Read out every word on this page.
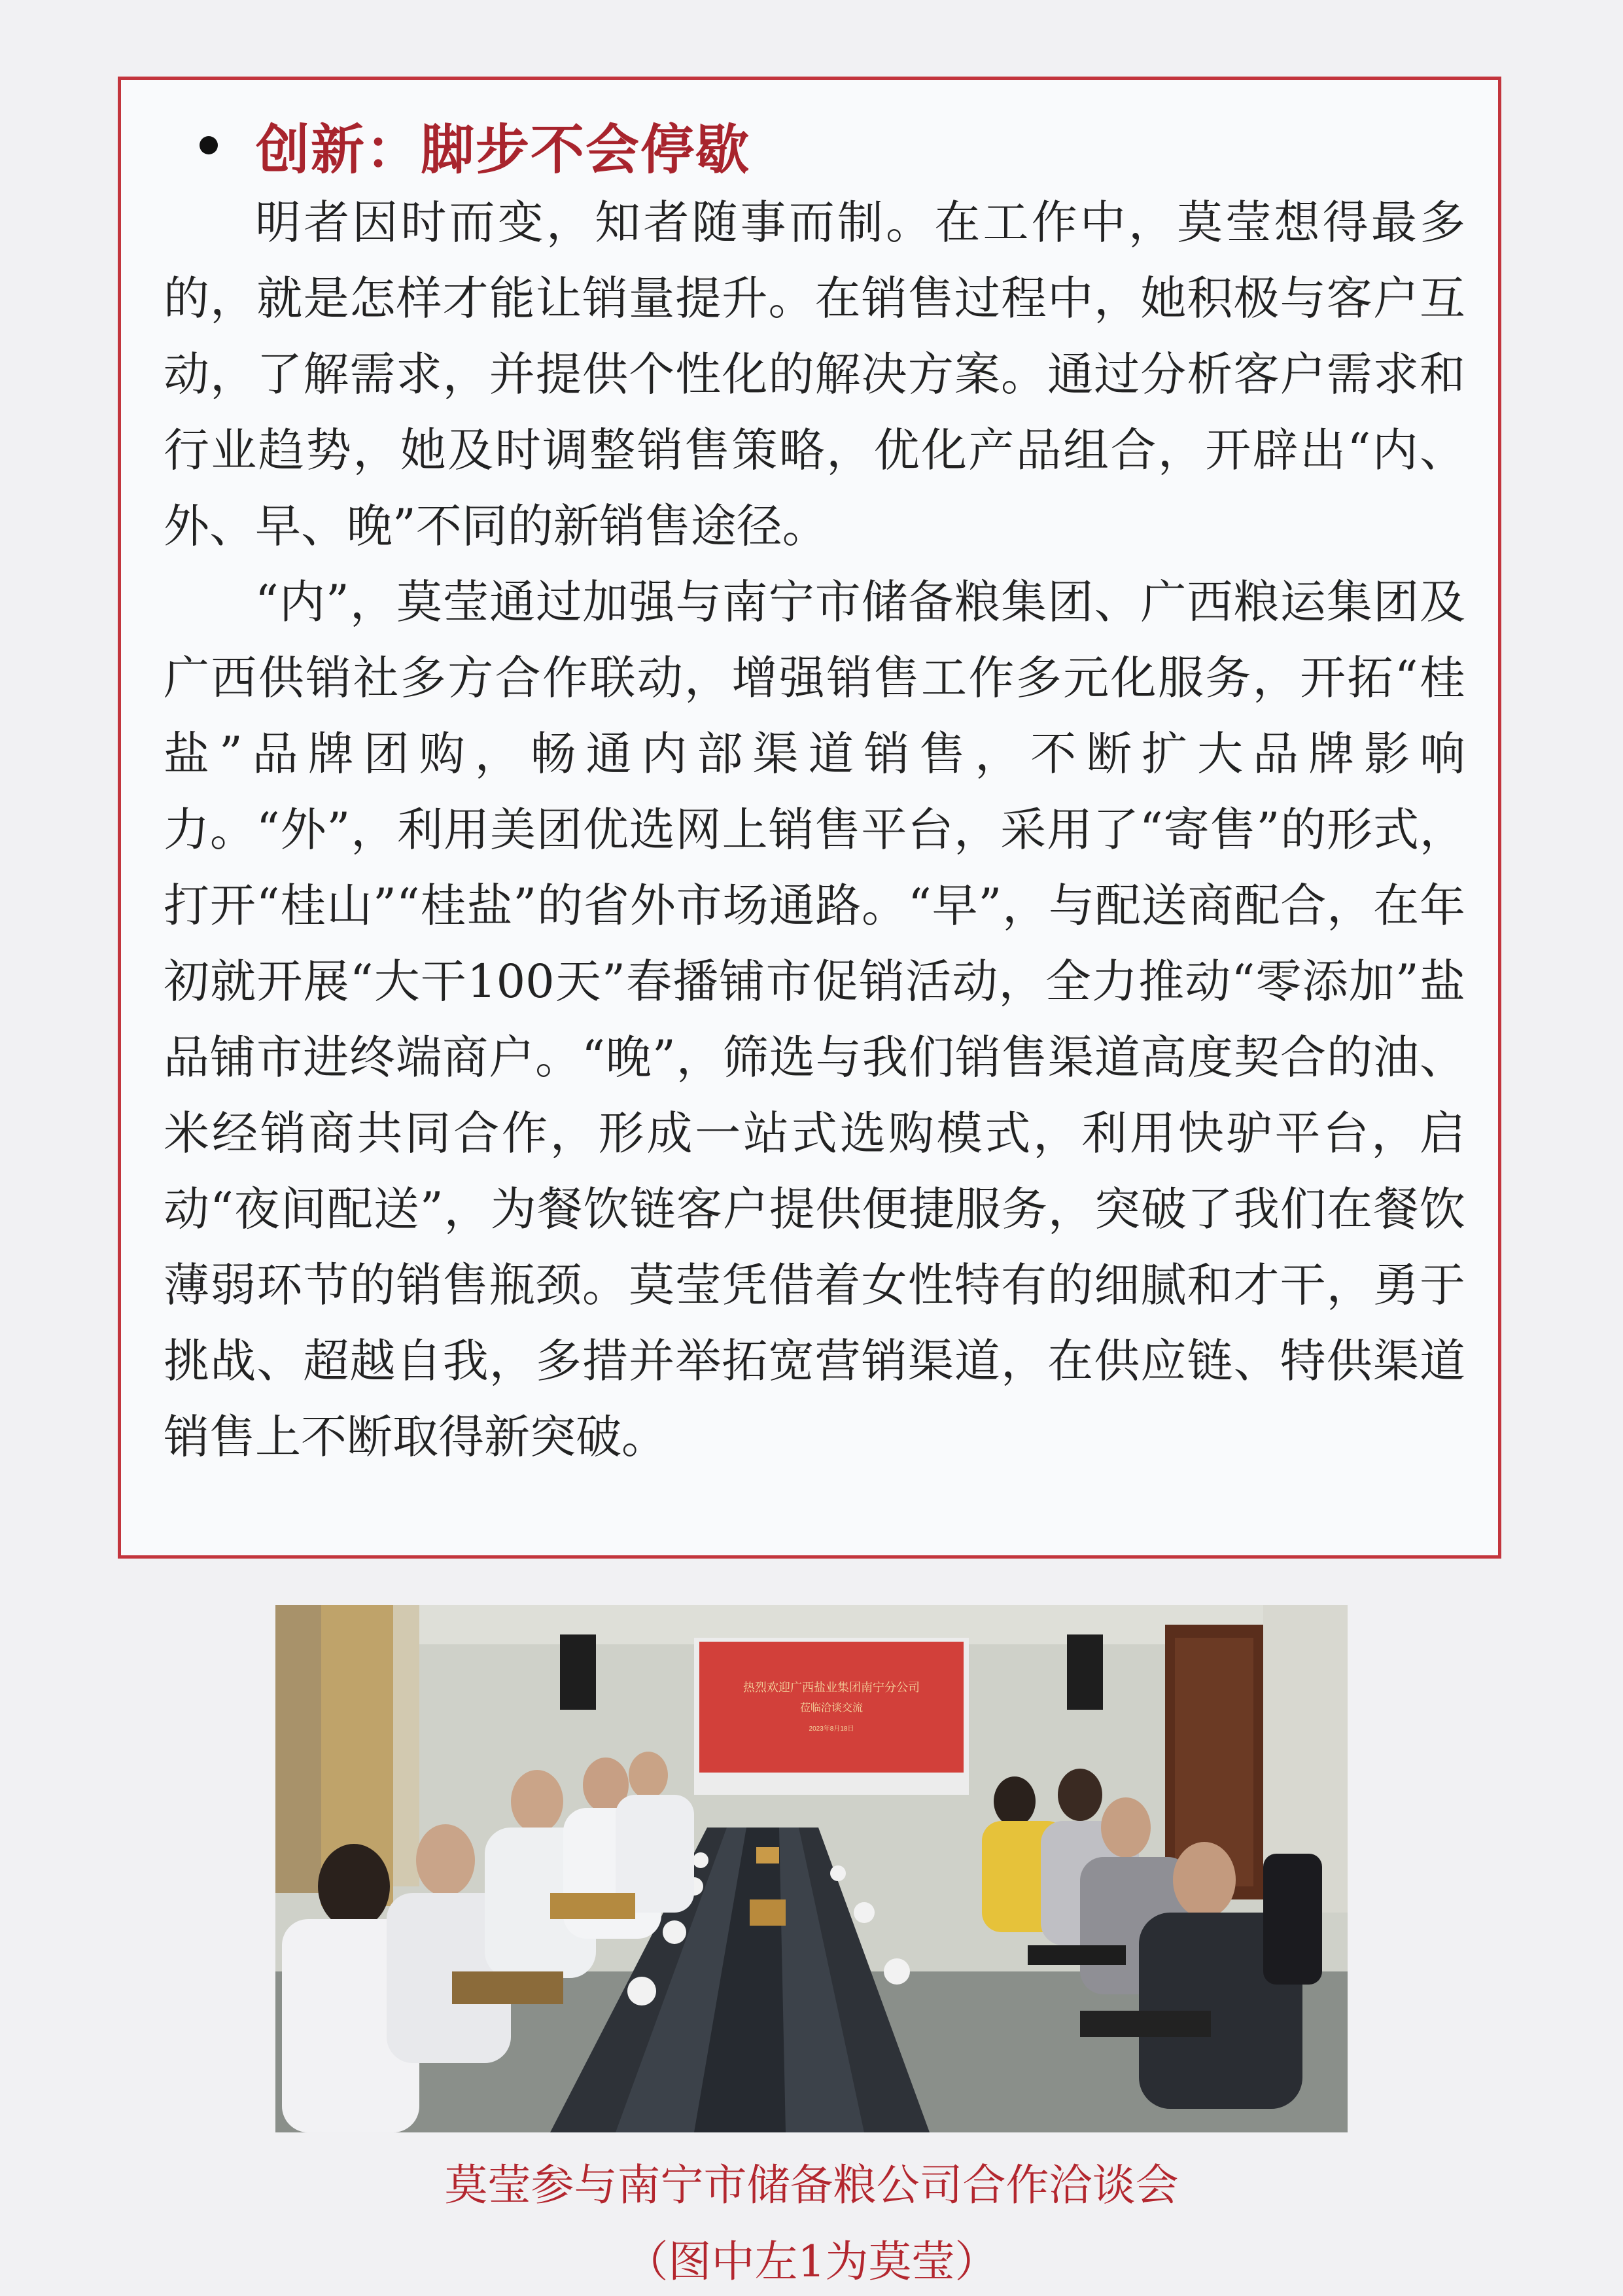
创新：脚步不会停歇

明者因时而变，知者随事而制。在工作中，莫莹想得最多的，就是怎样才能让销量提升。在销售过程中，她积极与客户互动，了解需求，并提供个性化的解决方案。通过分析客户需求和行业趋势，她及时调整销售策略，优化产品组合，开辟出“内、外、早、晚”不同的新销售途径。

“内”，莫莹通过加强与南宁市储备粮集团、广西粮运集团及广西供销社多方合作联动，增强销售工作多元化服务，开拓“桂盐”品牌团购，畅通内部渠道销售，不断扩大品牌影响力。“外”，利用美团优选网上销售平台，采用了“寄售”的形式，打开“桂山”“桂盐”的省外市场通路。“早”，与配送商配合，在年初就开展“大干100天”春播铺市促销活动，全力推动“零添加”盐品铺市进终端商户。“晚”，筛选与我们销售渠道高度契合的油、米经销商共同合作，形成一站式选购模式，利用快驴平台，启动“夜间配送”，为餐饮链客户提供便捷服务，突破了我们在餐饮薄弱环节的销售瓶颈。莫莹凭借着女性特有的细腻和才干，勇于挑战、超越自我，多措并举拓宽营销渠道，在供应链、特供渠道销售上不断取得新突破。

热烈欢迎广西盐业集团南宁分公司
莅临洽谈交流
2023年8月18日
莫莹参与南宁市储备粮公司合作洽谈会
（图中左1为莫莹）
